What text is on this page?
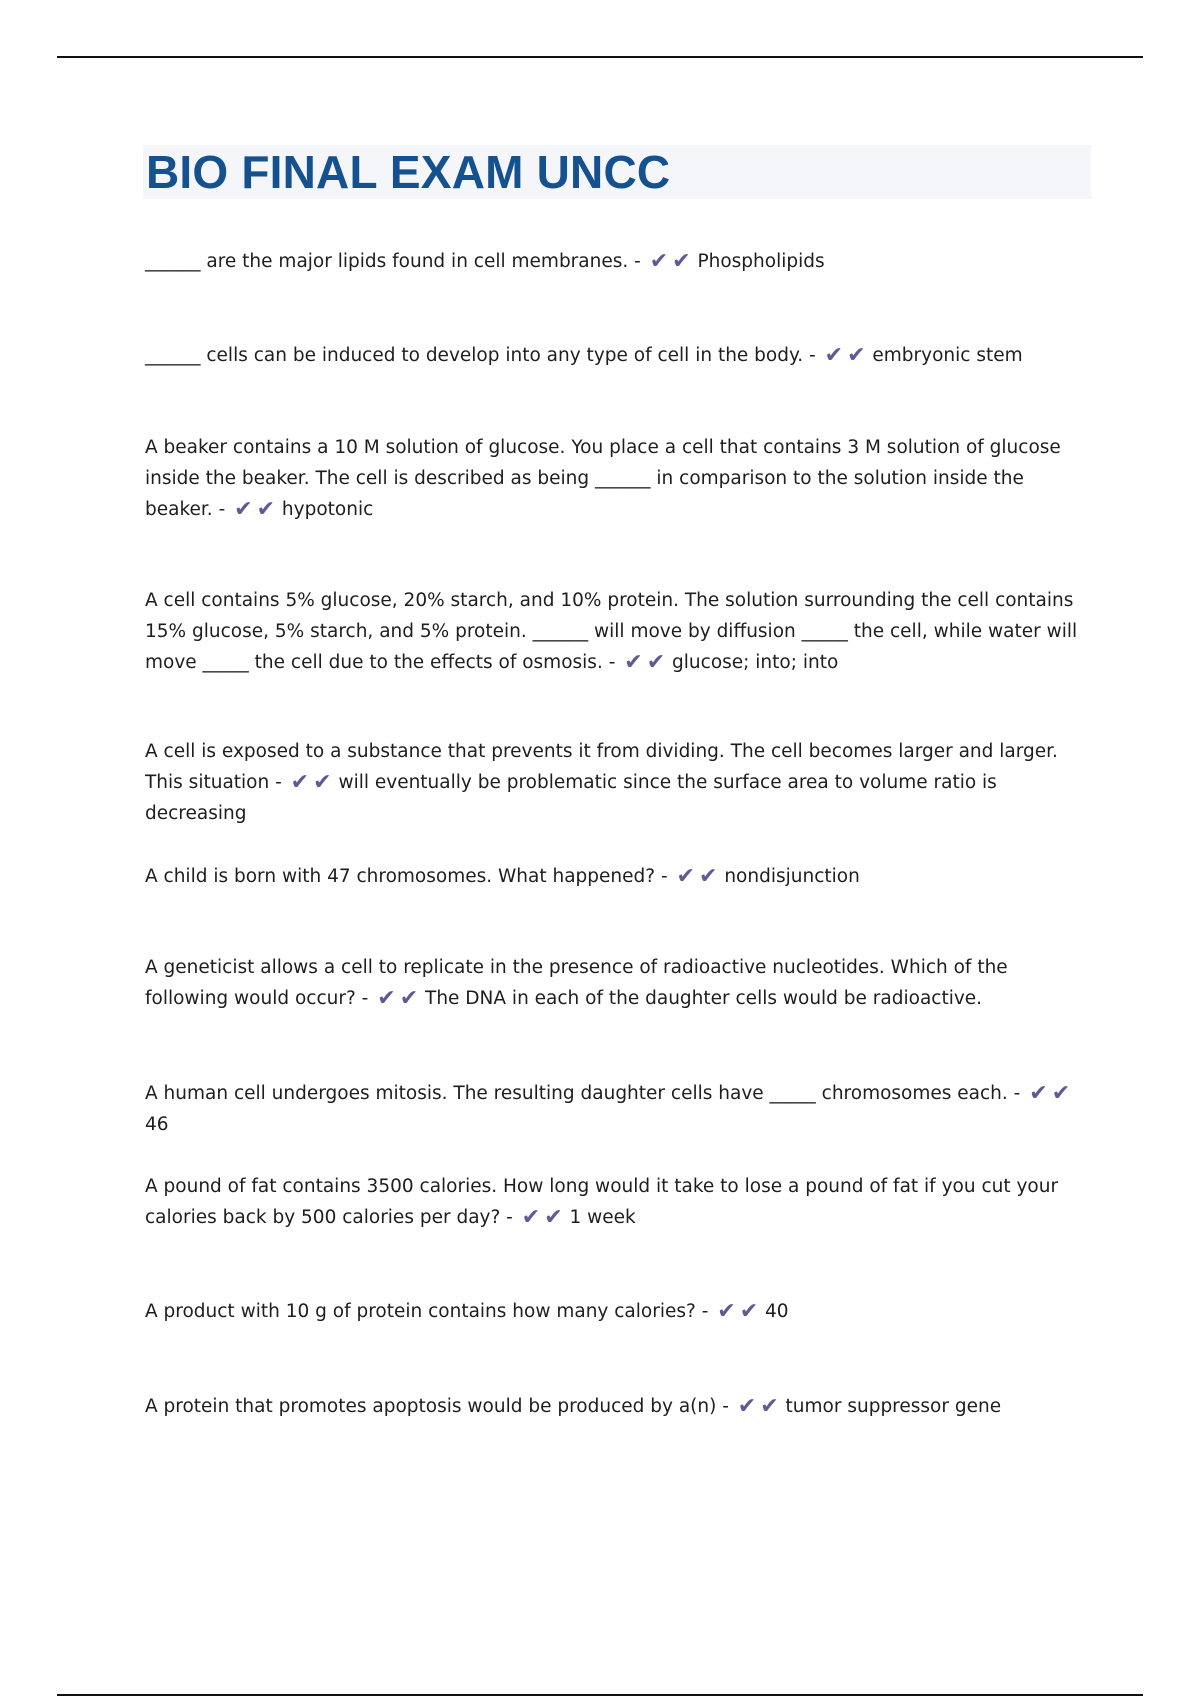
BIO FINAL EXAM UNCC
______ are the major lipids found in cell membranes. - ✔ ✔ Phospholipids
______ cells can be induced to develop into any type of cell in the body. - ✔ ✔ embryonic stem
A beaker contains a 10 M solution of glucose. You place a cell that contains 3 M solution of glucose inside the beaker. The cell is described as being ______ in comparison to the solution inside the beaker. - ✔ ✔ hypotonic
A cell contains 5% glucose, 20% starch, and 10% protein. The solution surrounding the cell contains 15% glucose, 5% starch, and 5% protein. ______ will move by diffusion _____ the cell, while water will move _____ the cell due to the effects of osmosis. - ✔ ✔ glucose; into; into
A cell is exposed to a substance that prevents it from dividing. The cell becomes larger and larger. This situation - ✔ ✔ will eventually be problematic since the surface area to volume ratio is decreasing
A child is born with 47 chromosomes. What happened? - ✔ ✔ nondisjunction
A geneticist allows a cell to replicate in the presence of radioactive nucleotides. Which of the following would occur? - ✔ ✔ The DNA in each of the daughter cells would be radioactive.
A human cell undergoes mitosis. The resulting daughter cells have _____ chromosomes each. - ✔ ✔ 46
A pound of fat contains 3500 calories. How long would it take to lose a pound of fat if you cut your calories back by 500 calories per day? - ✔ ✔ 1 week
A product with 10 g of protein contains how many calories? - ✔ ✔ 40
A protein that promotes apoptosis would be produced by a(n) - ✔ ✔ tumor suppressor gene
